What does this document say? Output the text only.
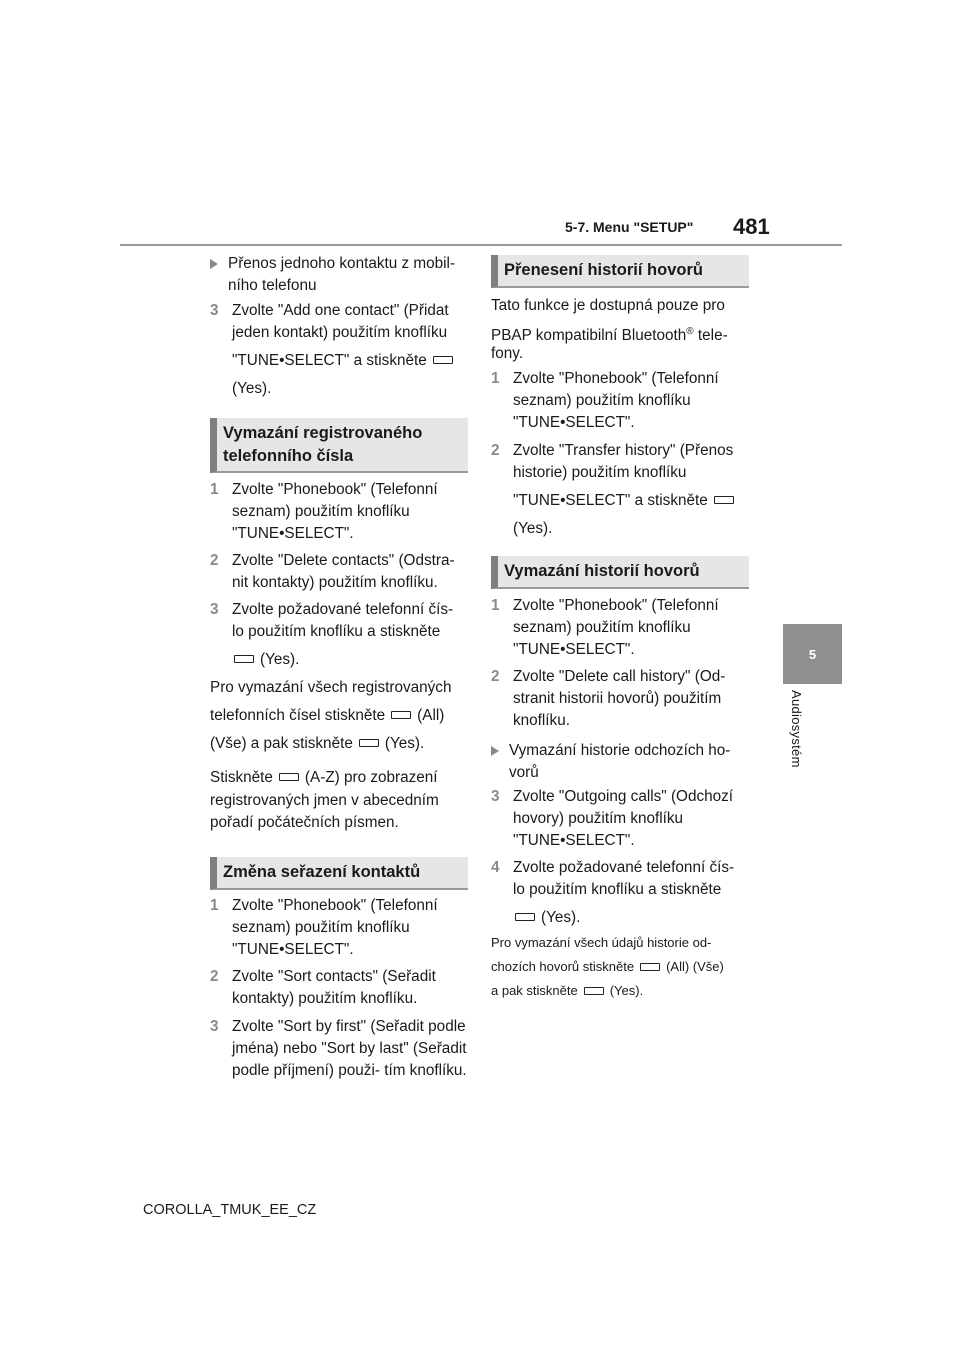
5-7. Menu "SETUP" 481
5
Audiosystém

Přenos jednoho kontaktu z mobil- ního telefonu

3 Zvolte "Add one contact" (Přidat jeden kontakt) použitím knoflíku

"TUNE•SELECT" a stiskněte

(Yes).

Vymazání registrovaného telefonního čísla
1 Zvolte "Phonebook" (Telefonní seznam) použitím knoflíku "TUNE•SELECT".

2 Zvolte "Delete contacts" (Odstra- nit kontakty) použitím knoflíku.

3 Zvolte požadované telefonní čís- lo použitím knoflíku a stiskněte

(Yes).

Pro vymazání všech registrovaných

telefonních čísel stiskněte (All)

(Vše) a pak stiskněte (Yes).

Stiskněte (A-Z) pro zobrazení

registrovaných jmen v abecedním

pořadí počátečních písmen.

Změna seřazení kontaktů
1 Zvolte "Phonebook" (Telefonní seznam) použitím knoflíku "TUNE•SELECT".

2 Zvolte "Sort contacts" (Seřadit kontakty) použitím knoflíku.

3 Zvolte "Sort by first" (Seřadit podle jména) nebo "Sort by last" (Seřadit podle příjmení) použi- tím knoflíku.

Přenesení historií hovorů

Tato funkce je dostupná pouze pro

PBAP kompatibilní Bluetooth® tele-

fony.

1 Zvolte "Phonebook" (Telefonní seznam) použitím knoflíku "TUNE•SELECT".

2 Zvolte "Transfer history" (Přenos historie) použitím knoflíku

"TUNE•SELECT" a stiskněte

(Yes).

Vymazání historií hovorů
1 Zvolte "Phonebook" (Telefonní seznam) použitím knoflíku "TUNE•SELECT".

2 Zvolte "Delete call history" (Od- stranit historii hovorů) použitím knoflíku.

Vymazání historie odchozích ho- vorů

3 Zvolte "Outgoing calls" (Odchozí hovory) použitím knoflíku "TUNE•SELECT".

4 Zvolte požadované telefonní čís- lo použitím knoflíku a stiskněte

(Yes).

Pro vymazání všech údajů historie od-

chozích hovorů stiskněte (All) (Vše)

a pak stiskněte (Yes).

COROLLA_TMUK_EE_CZ
